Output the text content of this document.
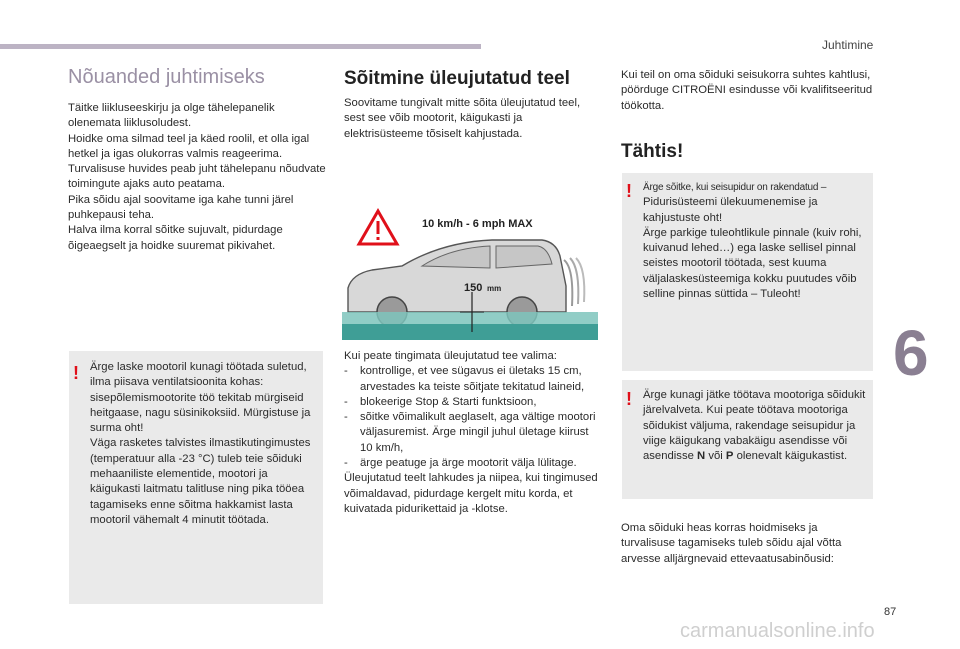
Juhtimine
6
87
Nõuanded juhtimiseks

Täitke liikluseeskirju ja olge tähelepanelik olenemata liiklusoludest.

Hoidke oma silmad teel ja käed roolil, et olla igal hetkel ja igas olukorras valmis reageerima.

Turvalisuse huvides peab juht tähelepanu nõudvate toimingute ajaks auto peatama.

Pika sõidu ajal soovitame iga kahe tunni järel puhkepausi teha.

Halva ilma korral sõitke sujuvalt, pidurdage õigeaegselt ja hoidke suuremat pikivahet.

! Ärge laske mootoril kunagi töötada suletud, ilma piisava ventilatsioonita kohas: sisepõlemismootorite töö tekitab mürgiseid heitgaase, nagu süsinikoksiid. Mürgistuse ja surma oht!

Väga rasketes talvistes ilmastikutingimustes (temperatuur alla -23 °C) tuleb teie sõiduki mehaaniliste elementide, mootori ja käigukasti laitmatu talitluse ning pika tööea tagamiseks enne sõitma hakkamist lasta mootoril vähemalt 4 minutit töötada.

Sõitmine üleujutatud teel
Soovitame tungivalt mitte sõita üleujutatud teel, sest see võib mootorit, käigukasti ja elektrisüsteeme tõsiselt kahjustada.
10 km/h - 6 mph MAX
150 mm

Kui peate tingimata üleujutatud tee valima:

- kontrollige, et vee sügavus ei ületaks 15 cm, arvestades ka teiste sõitjate tekitatud laineid,
- blokeerige Stop & Starti funktsioon,
- sõitke võimalikult aeglaselt, aga vältige mootori väljasuremist. Ärge mingil juhul ületage kiirust 10 km/h,
- ärge peatuge ja ärge mootorit välja lülitage.

Üleujutatud teelt lahkudes ja niipea, kui tingimused võimaldavad, pidurdage kergelt mitu korda, et kuivatada pidurikettaid ja -klotse.

Kui teil on oma sõiduki seisukorra suhtes kahtlusi, pöörduge CITROËNI esindusse või kvalifitseeritud töökotta.
Tähtis!
! Ärge sõitke, kui seisupidur on rakendatud –

Pidurisüsteemi ülekuumenemise ja kahjustuste oht!

Ärge parkige tuleohtlikule pinnale (kuiv rohi, kuivanud lehed…) ega laske sellisel pinnal seistes mootoril töötada, sest kuuma väljalaskesüsteemiga kokku puutudes võib selline pinnas süttida – Tuleoht!

! Ärge kunagi jätke töötava mootoriga sõidukit järelvalveta. Kui peate töötava mootoriga sõidukist väljuma, rakendage seisupidur ja viige käigukang vabakäigu asendisse või asendisse N või P olenevalt käigukastist.

Oma sõiduki heas korras hoidmiseks ja turvalisuse tagamiseks tuleb sõidu ajal võtta arvesse alljärgnevaid ettevaatusabinõusid:
carmanualsonline.info
